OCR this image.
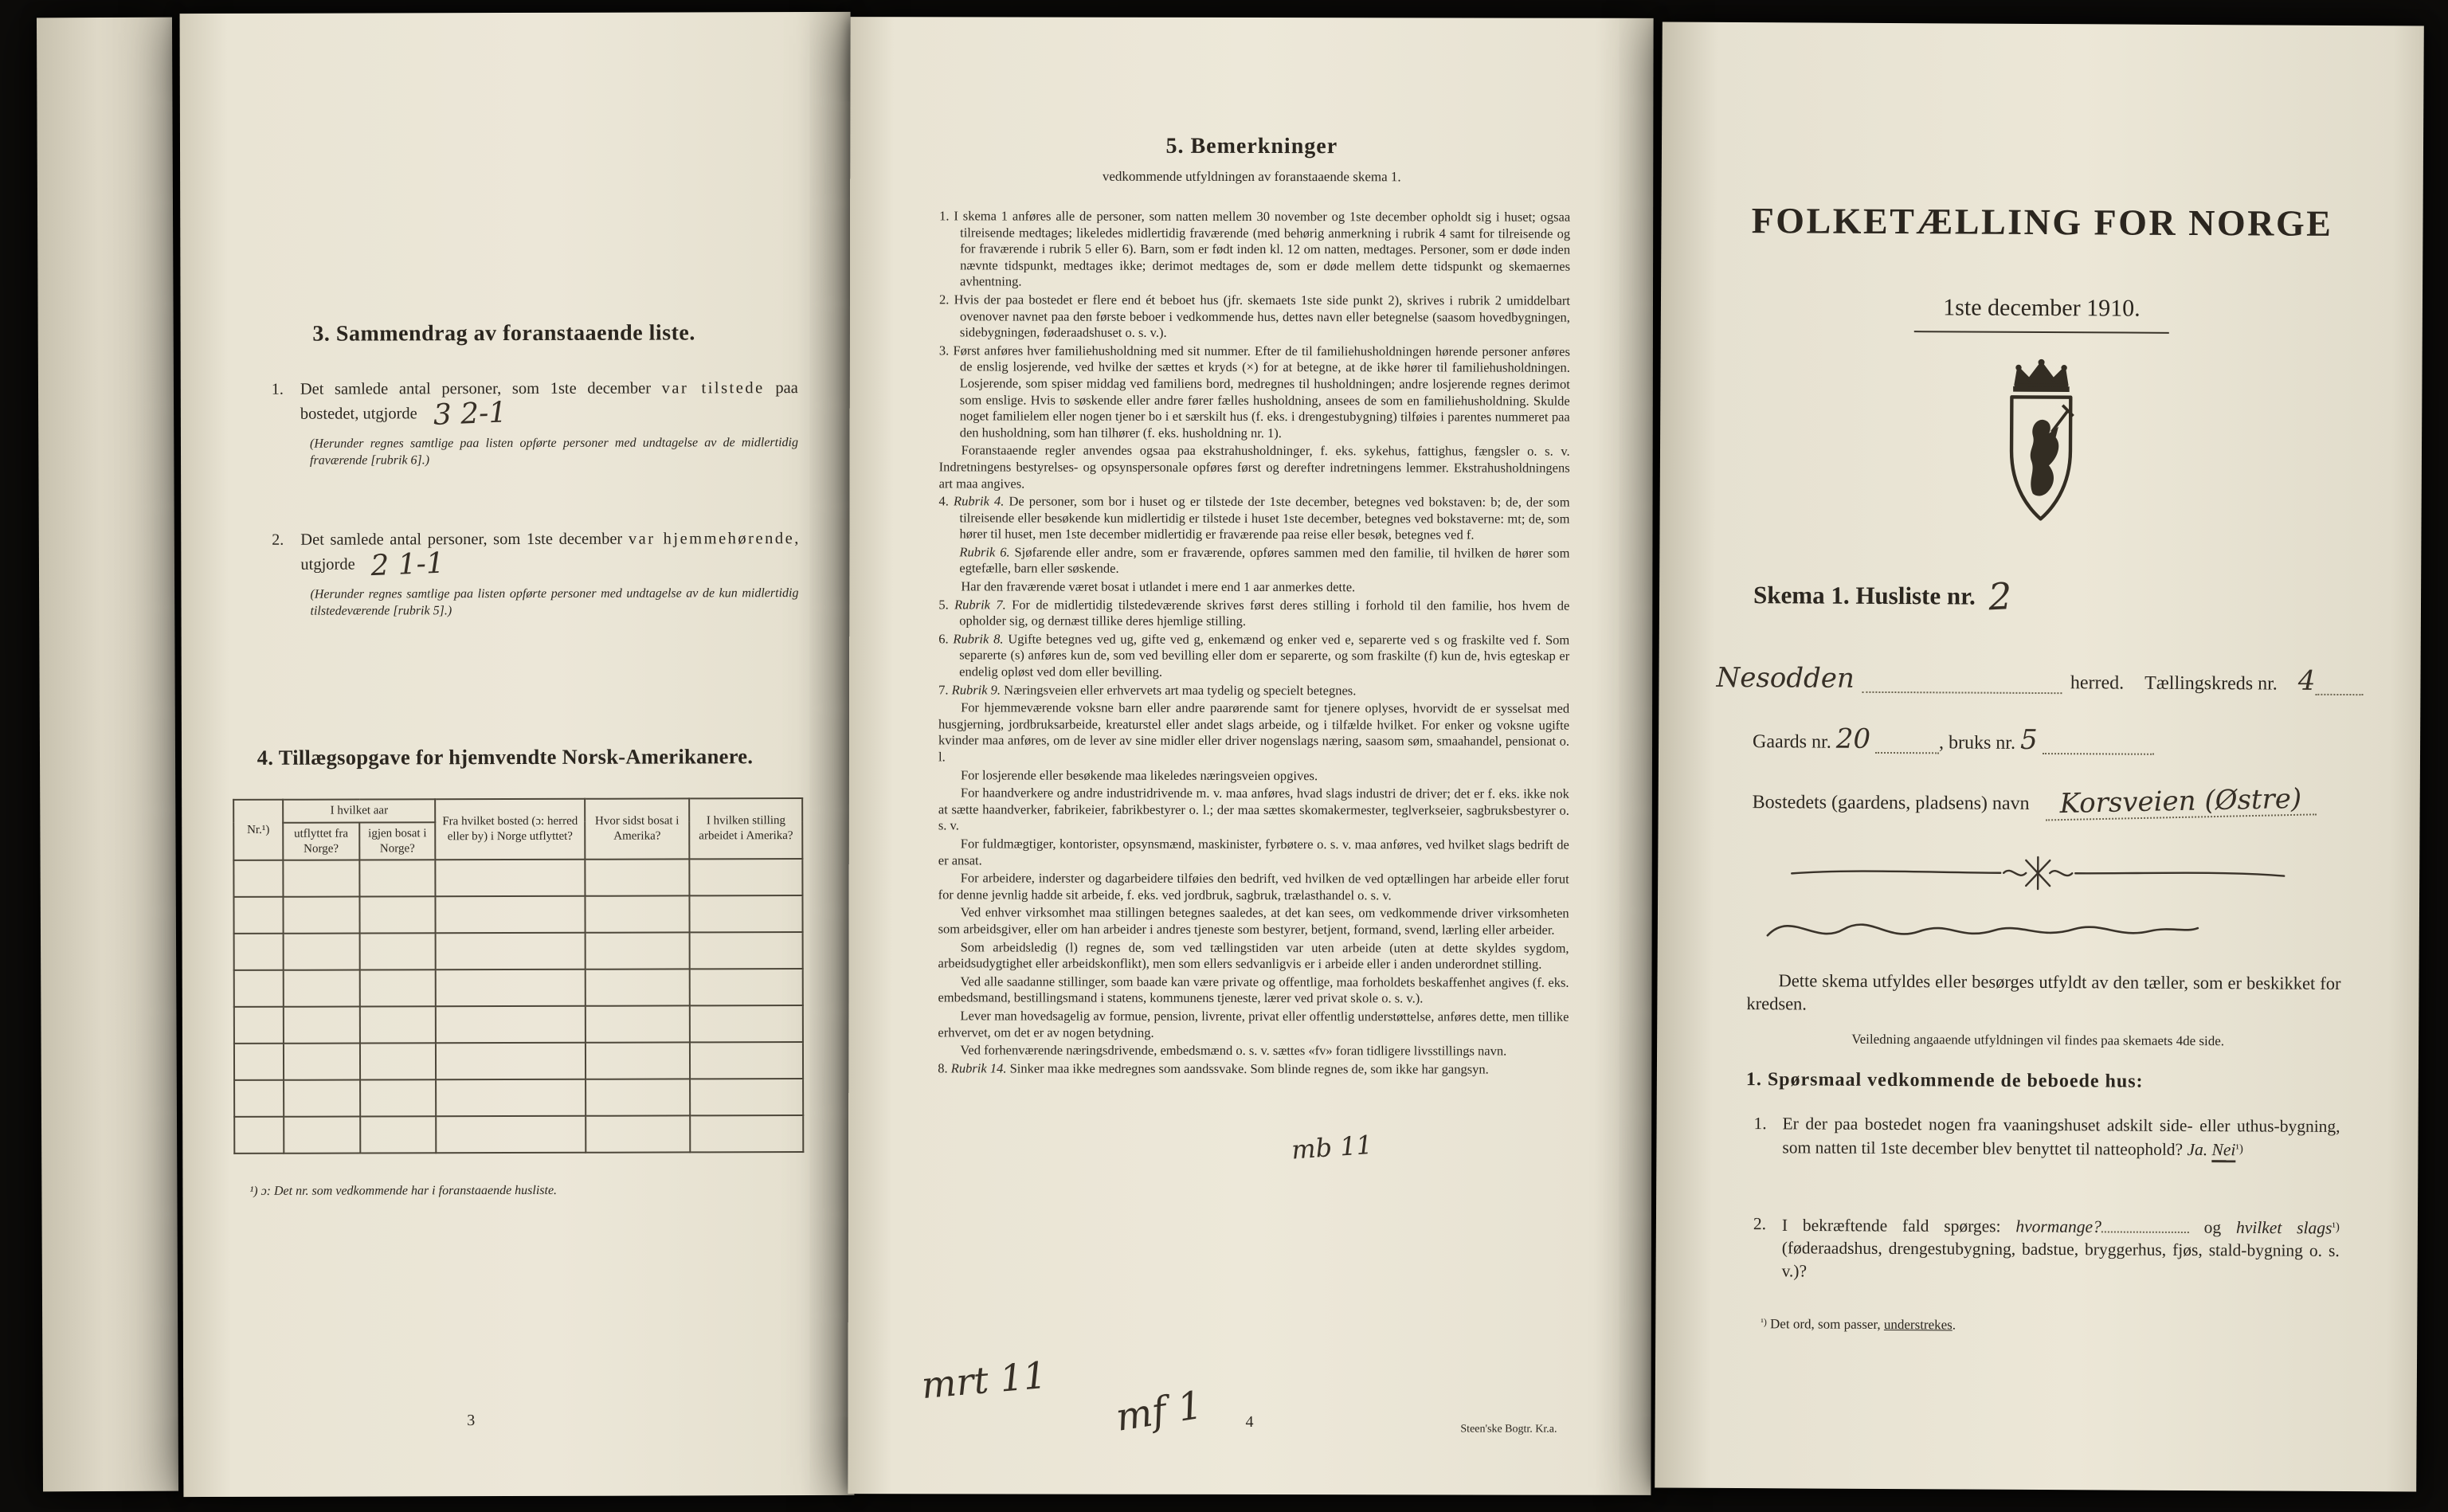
3. Sammendrag av foranstaaende liste.
1. Det samlede antal personer, som 1ste december var tilstede paa bostedet, utgjorde 3 2-1

(Herunder regnes samtlige paa listen opførte personer med undtagelse av de midlertidig fraværende [rubrik 6].)

2. Det samlede antal personer, som 1ste december var hjemmehørende, utgjorde 2 1-1

(Herunder regnes samtlige paa listen opførte personer med undtagelse av de kun midlertidig tilstedeværende [rubrik 5].)

4. Tillægsopgave for hjemvendte Norsk-Amerikanere.
Nr.¹)	I hvilket aar		Fra hvilket bosted (ɔ: herred eller by) i Norge utflyttet?	Hvor sidst bosat i Amerika?	I hvilken stilling arbeidet i Amerika?
	utflyttet fra Norge?	igjen bosat i Norge?			

¹) ɔ: Det nr. som vedkommende har i foranstaaende husliste.

3
5. Bemerkninger

vedkommende utfyldningen av foranstaaende skema 1.

1. I skema 1 anføres alle de personer, som natten mellem 30 november og 1ste december opholdt sig i huset; ogsaa tilreisende medtages; likeledes midlertidig fraværende (med behørig anmerkning i rubrik 4 samt for tilreisende og for fraværende i rubrik 5 eller 6). Barn, som er født inden kl. 12 om natten, medtages. Personer, som er døde inden nævnte tidspunkt, medtages ikke; derimot medtages de, som er døde mellem dette tidspunkt og skemaernes avhentning.

2. Hvis der paa bostedet er flere end ét beboet hus (jfr. skemaets 1ste side punkt 2), skrives i rubrik 2 umiddelbart ovenover navnet paa den første beboer i vedkommende hus, dettes navn eller betegnelse (saasom hovedbygningen, sidebygningen, føderaadshuset o. s. v.).

3. Først anføres hver familiehusholdning med sit nummer. Efter de til familiehusholdningen hørende personer anføres de enslig losjerende, ved hvilke der sættes et kryds (×) for at betegne, at de ikke hører til familiehusholdningen. Losjerende, som spiser middag ved familiens bord, medregnes til husholdningen; andre losjerende regnes derimot som enslige. Hvis to søskende eller andre fører fælles husholdning, ansees de som en familiehusholdning. Skulde noget familielem eller nogen tjener bo i et særskilt hus (f. eks. i drengestubygning) tilføies i parentes nummeret paa den husholdning, som han tilhører (f. eks. husholdning nr. 1).

Foranstaaende regler anvendes ogsaa paa ekstrahusholdninger, f. eks. sykehus, fattighus, fængsler o. s. v. Indretningens bestyrelses- og opsynspersonale opføres først og derefter indretningens lemmer. Ekstrahusholdningens art maa angives.

4. Rubrik 4. De personer, som bor i huset og er tilstede der 1ste december, betegnes ved bokstaven: b; de, der som tilreisende eller besøkende kun midlertidig er tilstede i huset 1ste december, betegnes ved bokstaverne: mt; de, som hører til huset, men 1ste december midlertidig er fraværende paa reise eller besøk, betegnes ved f.

Rubrik 6. Sjøfarende eller andre, som er fraværende, opføres sammen med den familie, til hvilken de hører som egtefælle, barn eller søskende.

Har den fraværende været bosat i utlandet i mere end 1 aar anmerkes dette.

5. Rubrik 7. For de midlertidig tilstedeværende skrives først deres stilling i forhold til den familie, hos hvem de opholder sig, og dernæst tillike deres hjemlige stilling.

6. Rubrik 8. Ugifte betegnes ved ug, gifte ved g, enkemænd og enker ved e, separerte ved s og fraskilte ved f. Som separerte (s) anføres kun de, som ved bevilling eller dom er separerte, og som fraskilte (f) kun de, hvis egteskap er endelig opløst ved dom eller bevilling.

7. Rubrik 9. Næringsveien eller erhvervets art maa tydelig og specielt betegnes.

For hjemmeværende voksne barn eller andre paarørende samt for tjenere oplyses, hvorvidt de er sysselsat med husgjerning, jordbruksarbeide, kreaturstel eller andet slags arbeide, og i tilfælde hvilket. For enker og voksne ugifte kvinder maa anføres, om de lever av sine midler eller driver nogenslags næring, saasom søm, smaahandel, pensionat o. l.

For losjerende eller besøkende maa likeledes næringsveien opgives.

For haandverkere og andre industridrivende m. v. maa anføres, hvad slags industri de driver; det er f. eks. ikke nok at sætte haandverker, fabrikeier, fabrikbestyrer o. l.; der maa sættes skomakermester, teglverkseier, sagbruksbestyrer o. s. v.

For fuldmægtiger, kontorister, opsynsmænd, maskinister, fyrbøtere o. s. v. maa anføres, ved hvilket slags bedrift de er ansat.

For arbeidere, inderster og dagarbeidere tilføies den bedrift, ved hvilken de ved optællingen har arbeide eller forut for denne jevnlig hadde sit arbeide, f. eks. ved jordbruk, sagbruk, trælasthandel o. s. v.

Ved enhver virksomhet maa stillingen betegnes saaledes, at det kan sees, om vedkommende driver virksomheten som arbeidsgiver, eller om han arbeider i andres tjeneste som bestyrer, betjent, formand, svend, lærling eller arbeider.

Som arbeidsledig (l) regnes de, som ved tællingstiden var uten arbeide (uten at dette skyldes sygdom, arbeidsudygtighet eller arbeidskonflikt), men som ellers sedvanligvis er i arbeide eller i anden underordnet stilling.

Ved alle saadanne stillinger, som baade kan være private og offentlige, maa forholdets beskaffenhet angives (f. eks. embedsmand, bestillingsmand i statens, kommunens tjeneste, lærer ved privat skole o. s. v.).

Lever man hovedsagelig av formue, pension, livrente, privat eller offentlig understøttelse, anføres dette, men tillike erhvervet, om det er av nogen betydning.

Ved forhenværende næringsdrivende, embedsmænd o. s. v. sættes «fv» foran tidligere livsstillings navn.

8. Rubrik 14. Sinker maa ikke medregnes som aandssvake. Som blinde regnes de, som ikke har gangsyn.

mb 11
mrt 11
mf 1	4	Steen'ske Bogtr. Kr.a.
FOLKETÆLLING FOR NORGE
1ste december 1910.
Skema 1. Husliste nr. 2
Nesodden	herred. Tællingskreds nr. 4
Gaards nr. 20	, bruks nr. 5
Bostedets (gaardens, pladsens) navn	Korsveien (Østre)

Dette skema utfyldes eller besørges utfyldt av den tæller, som er beskikket for kredsen.

Veiledning angaaende utfyldningen vil findes paa skemaets 4de side.

1. Spørsmaal vedkommende de beboede hus:

1. Er der paa bostedet nogen fra vaaningshuset adskilt side- eller uthus-bygning, som natten til 1ste december blev benyttet til natteophold? Ja. Nei¹)

2. I bekræftende fald spørges: hvormange?	og hvilket slags¹) (føderaadshus, drengestubygning, badstue, bryggerhus, fjøs, stald-bygning o. s. v.)?

$^{^1)}$ Det ord, som passer, understrekes.
